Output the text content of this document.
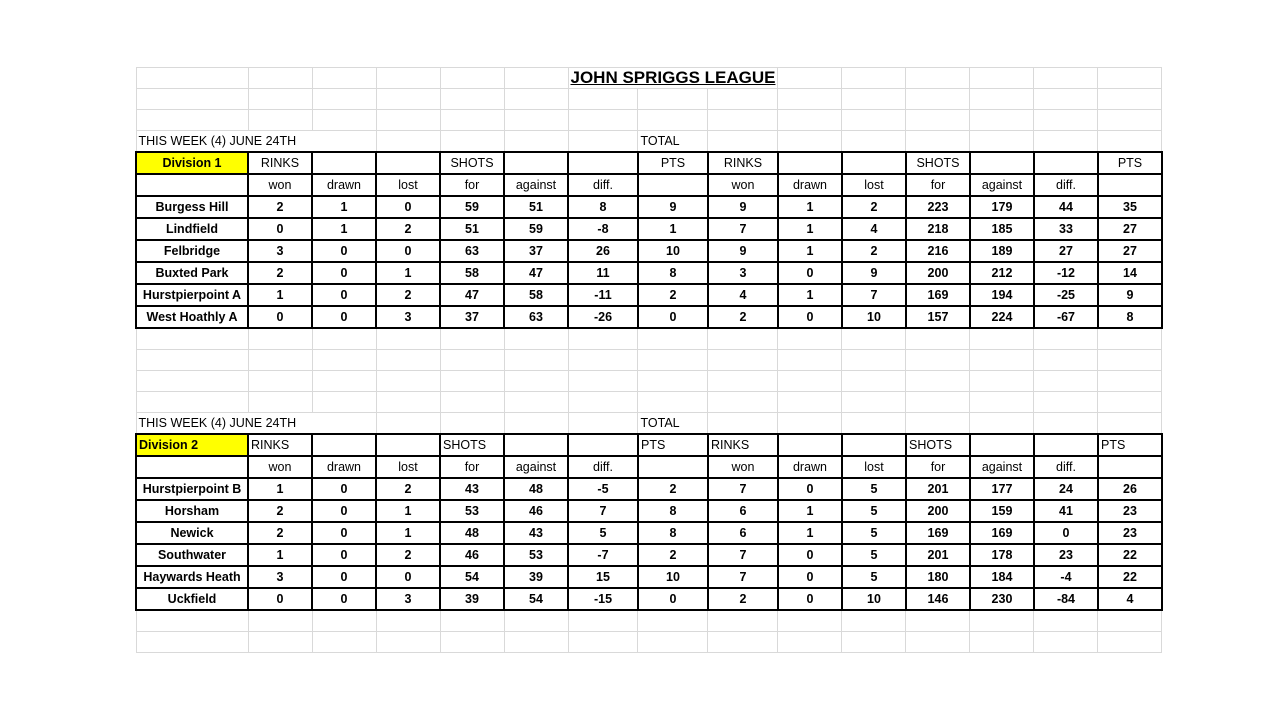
						JOHN SPRIGGS LEAGUE								

THIS WEEK (4) JUNE 24TH							TOTAL							
Division 1	RINKS			SHOTS			PTS	RINKS			SHOTS			PTS
	won	drawn	lost	for	against	diff.		won	drawn	lost	for	against	diff.	
Burgess Hill	2	1	0	59	51	8	9	9	1	2	223	179	44	35
Lindfield	0	1	2	51	59	-8	1	7	1	4	218	185	33	27
Felbridge	3	0	0	63	37	26	10	9	1	2	216	189	27	27
Buxted Park	2	0	1	58	47	11	8	3	0	9	200	212	-12	14
Hurstpierpoint A	1	0	2	47	58	-11	2	4	1	7	169	194	-25	9
West Hoathly A	0	0	3	37	63	-26	0	2	0	10	157	224	-67	8

THIS WEEK (4) JUNE 24TH							TOTAL							
Division 2	RINKS			SHOTS			PTS	RINKS			SHOTS			PTS
	won	drawn	lost	for	against	diff.		won	drawn	lost	for	against	diff.	
Hurstpierpoint B	1	0	2	43	48	-5	2	7	0	5	201	177	24	26
Horsham	2	0	1	53	46	7	8	6	1	5	200	159	41	23
Newick	2	0	1	48	43	5	8	6	1	5	169	169	0	23
Southwater	1	0	2	46	53	-7	2	7	0	5	201	178	23	22
Haywards Heath	3	0	0	54	39	15	10	7	0	5	180	184	-4	22
Uckfield	0	0	3	39	54	-15	0	2	0	10	146	230	-84	4
